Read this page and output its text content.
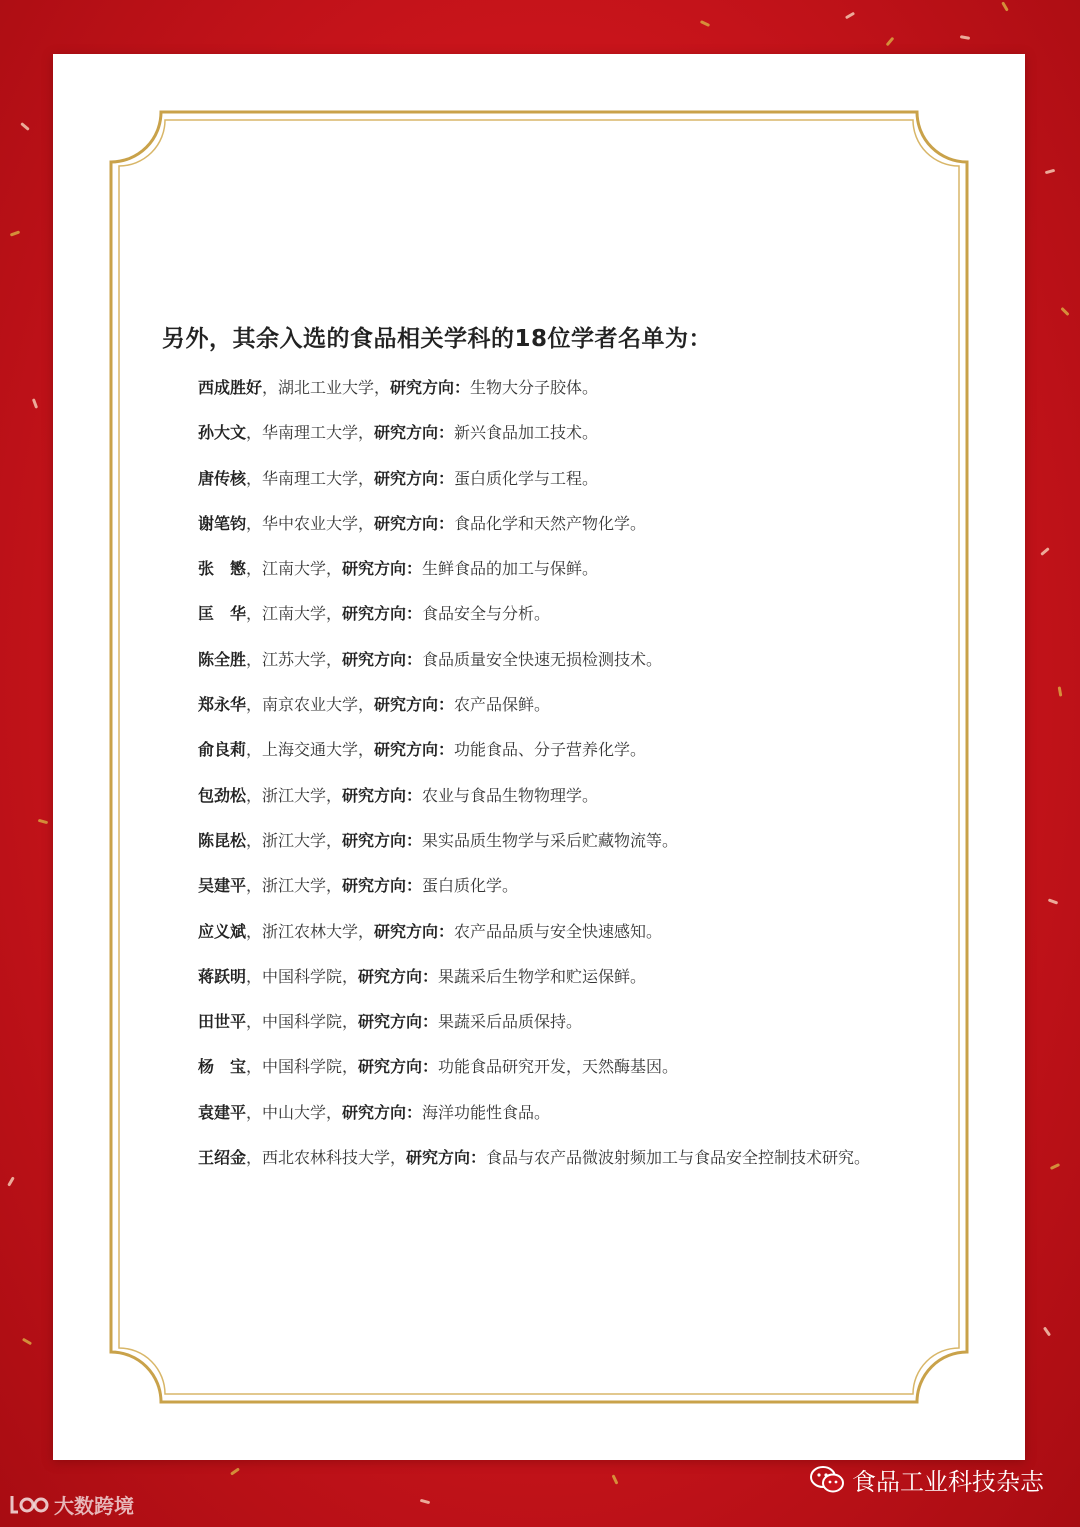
另外，其余入选的食品相关学科的18位学者名单为：
西成胜好，湖北工业大学，研究方向：生物大分子胶体。
孙大文，华南理工大学，研究方向：新兴食品加工技术。
唐传核，华南理工大学，研究方向：蛋白质化学与工程。
谢笔钧，华中农业大学，研究方向：食品化学和天然产物化学。
张　慜，江南大学，研究方向：生鲜食品的加工与保鲜。
匡　华，江南大学，研究方向：食品安全与分析。
陈全胜，江苏大学，研究方向：食品质量安全快速无损检测技术。
郑永华，南京农业大学，研究方向：农产品保鲜。
俞良莉，上海交通大学，研究方向：功能食品、分子营养化学。
包劲松，浙江大学，研究方向：农业与食品生物物理学。
陈昆松，浙江大学，研究方向：果实品质生物学与采后贮藏物流等。
吴建平，浙江大学，研究方向：蛋白质化学。
应义斌，浙江农林大学，研究方向：农产品品质与安全快速感知。
蒋跃明，中国科学院，研究方向：果蔬采后生物学和贮运保鲜。
田世平，中国科学院，研究方向：果蔬采后品质保持。
杨　宝，中国科学院，研究方向：功能食品研究开发，天然酶基因。
袁建平，中山大学，研究方向：海洋功能性食品。
王绍金，西北农林科技大学，研究方向：食品与农产品微波射频加工与食品安全控制技术研究。
食品工业科技杂志
大数跨境
